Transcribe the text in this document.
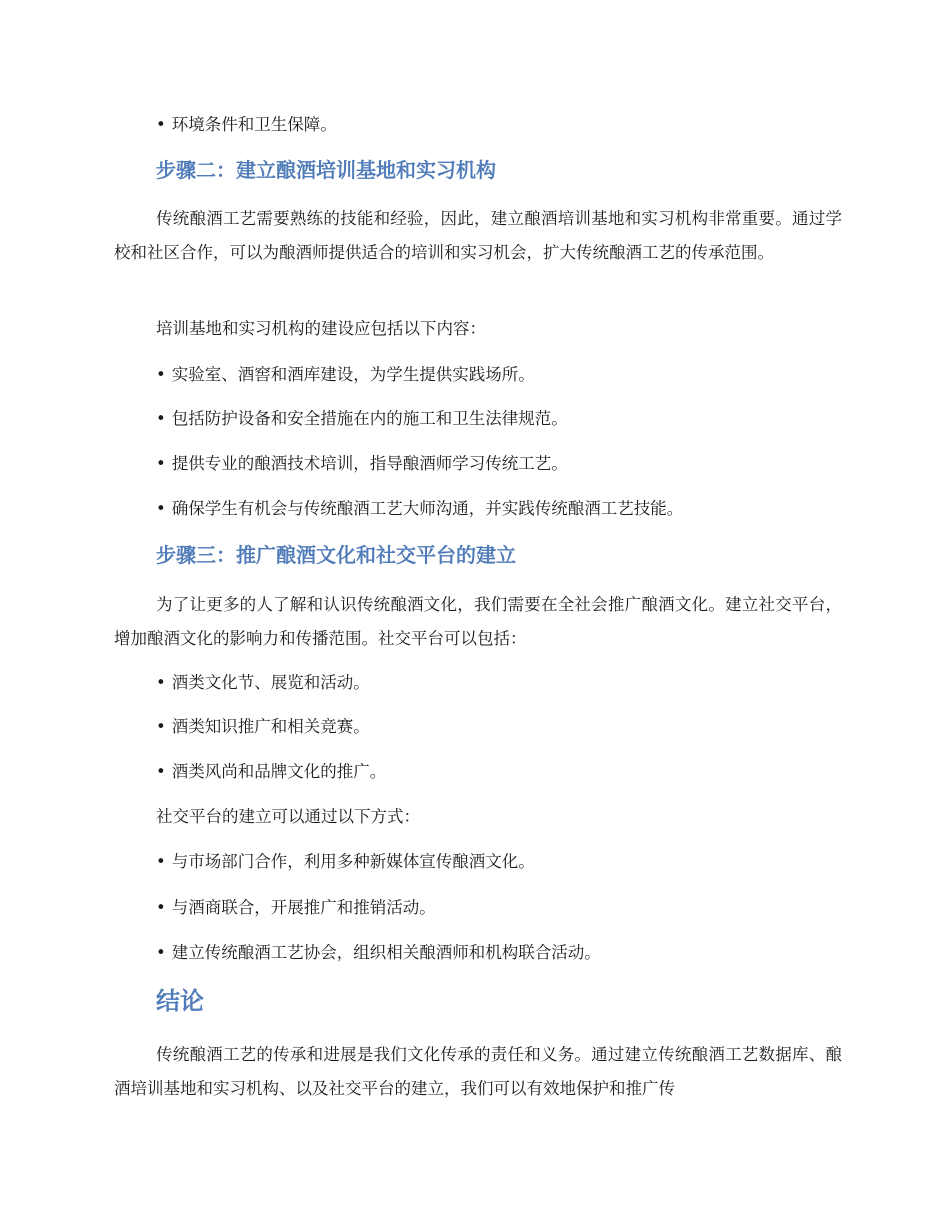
• 环境条件和卫生保障。
步骤二：建立酿酒培训基地和实习机构
传统酿酒工艺需要熟练的技能和经验，因此，建立酿酒培训基地和实习机构非常重要。通过学校和社区合作，可以为酿酒师提供适合的培训和实习机会，扩大传统酿酒工艺的传承范围。
培训基地和实习机构的建设应包括以下内容：
• 实验室、酒窖和酒库建设，为学生提供实践场所。
• 包括防护设备和安全措施在内的施工和卫生法律规范。
• 提供专业的酿酒技术培训，指导酿酒师学习传统工艺。
• 确保学生有机会与传统酿酒工艺大师沟通，并实践传统酿酒工艺技能。
步骤三：推广酿酒文化和社交平台的建立
为了让更多的人了解和认识传统酿酒文化，我们需要在全社会推广酿酒文化。建立社交平台，增加酿酒文化的影响力和传播范围。社交平台可以包括：
• 酒类文化节、展览和活动。
• 酒类知识推广和相关竞赛。
• 酒类风尚和品牌文化的推广。
社交平台的建立可以通过以下方式：
• 与市场部门合作，利用多种新媒体宣传酿酒文化。
• 与酒商联合，开展推广和推销活动。
• 建立传统酿酒工艺协会，组织相关酿酒师和机构联合活动。
结论
传统酿酒工艺的传承和进展是我们文化传承的责任和义务。通过建立传统酿酒工艺数据库、酿酒培训基地和实习机构、以及社交平台的建立，我们可以有效地保护和推广传
